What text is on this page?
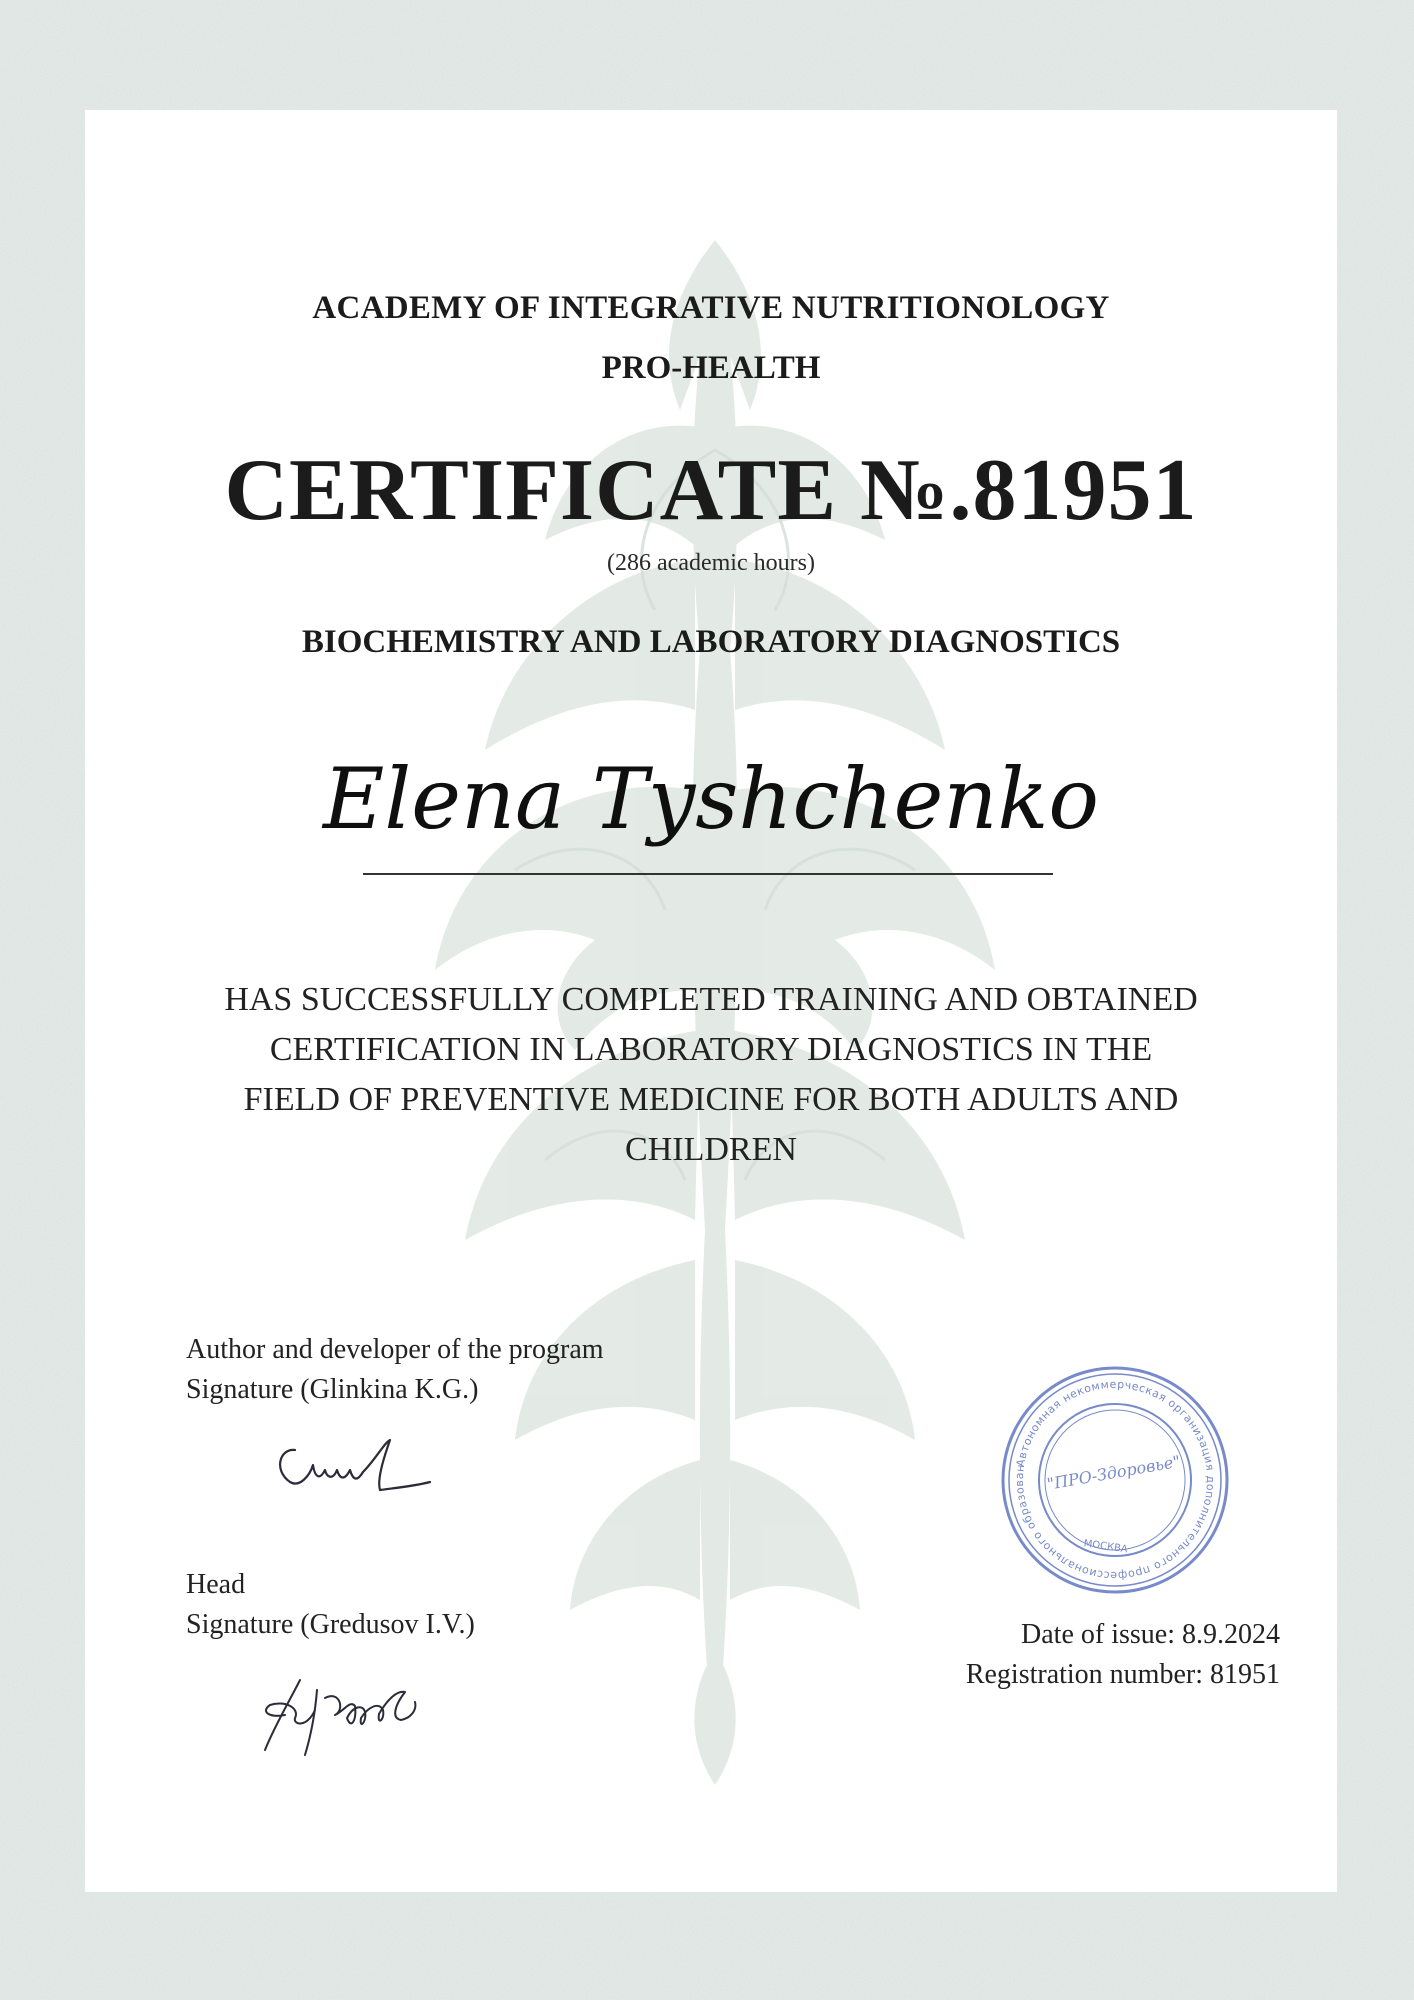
ACADEMY OF INTEGRATIVE NUTRITIONOLOGY
PRO-HEALTH
CERTIFICATE №.81951
(286 academic hours)
BIOCHEMISTRY AND LABORATORY DIAGNOSTICS
Elena Tyshchenko
HAS SUCCESSFULLY COMPLETED TRAINING AND OBTAINED
CERTIFICATION IN LABORATORY DIAGNOSTICS IN THE
FIELD OF PREVENTIVE MEDICINE FOR BOTH ADULTS AND
CHILDREN
Author and developer of the program
Signature (Glinkina K.G.)
Head
Signature (Gredusov I.V.)	Date of issue: 8.9.2024
Registration number: 81951
Автономная некоммерческая организация дополнительного профессионального образования
"ПРО-Здоровье"
МОСКВА
